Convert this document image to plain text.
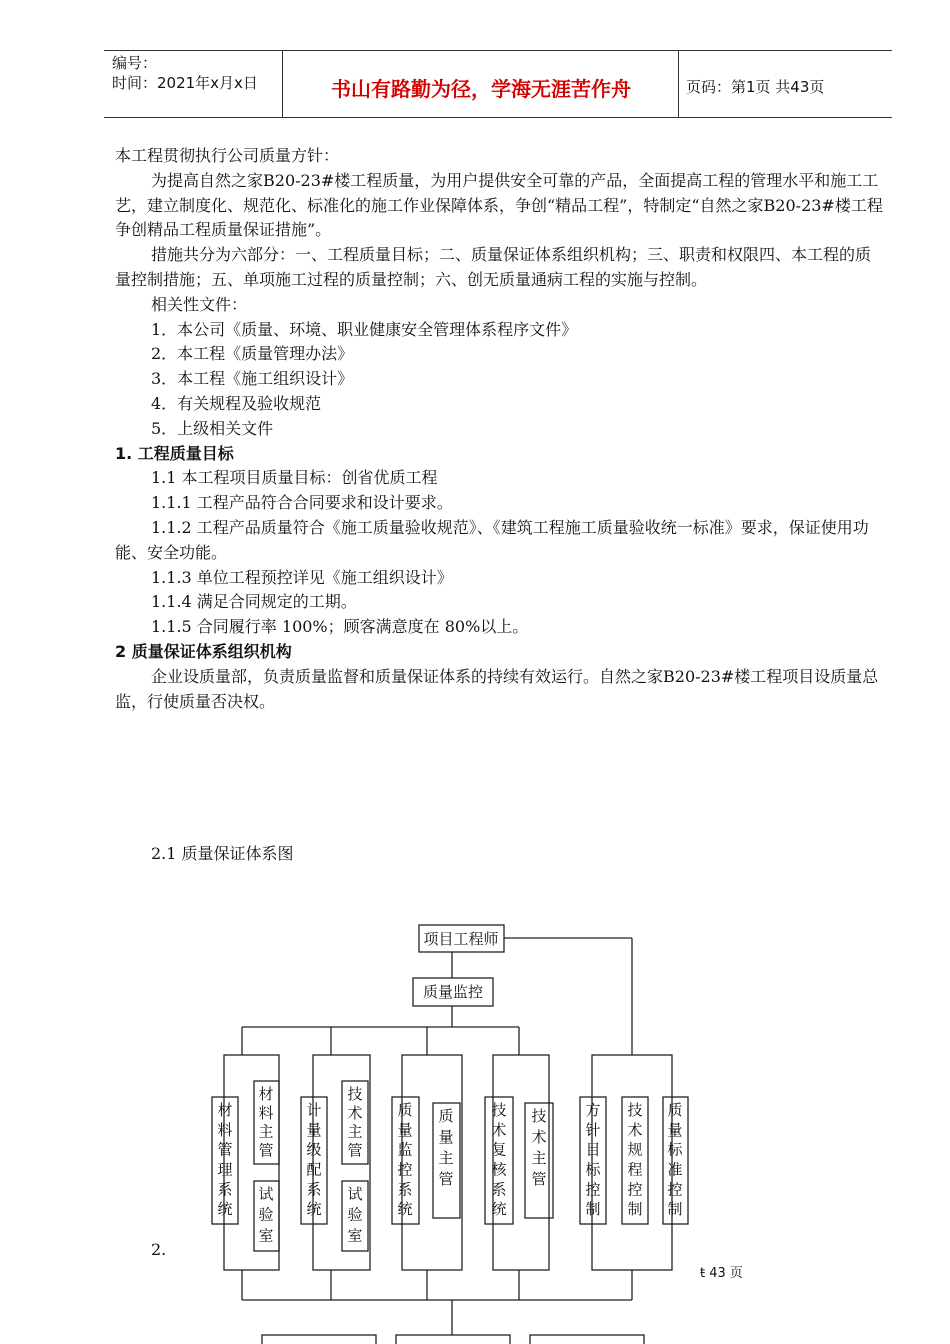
编号：
时间：2021年x月x日	书山有路勤为径，学海无涯苦作舟	页码：第1页 共43页

本工程贯彻执行公司质量方针：

为提高自然之家B20-23#楼工程质量，为用户提供安全可靠的产品，全面提高工程的管理水平和施工工艺，建立制度化、规范化、标准化的施工作业保障体系，争创“精品工程”，特制定“自然之家B20-23#楼工程争创精品工程质量保证措施”。

措施共分为六部分：一、工程质量目标；二、质量保证体系组织机构；三、职责和权限四、本工程的质量控制措施；五、单项施工过程的质量控制；六、创无质量通病工程的实施与控制。

相关性文件：

1．本公司《质量、环境、职业健康安全管理体系程序文件》

2．本工程《质量管理办法》

3．本工程《施工组织设计》

4．有关规程及验收规范

5．上级相关文件

1. 工程质量目标

1.1 本工程项目质量目标：创省优质工程

1.1.1 工程产品符合合同要求和设计要求。

1.1.2 工程产品质量符合《施工质量验收规范》、《建筑工程施工质量验收统一标准》要求，保证使用功能、安全功能。

1.1.3 单位工程预控详见《施工组织设计》

1.1.4 满足合同规定的工期。

1.1.5 合同履行率 100%；顾客满意度在 80%以上。

2 质量保证体系组织机构

企业设质量部，负责质量监督和质量保证体系的持续有效运行。自然之家B20-23#楼工程项目设质量总监，行使质量否决权。

2.1 质量保证体系图
项目工程师
质量监控
材料管理系统
材料主管
试验室
计量级配系统
技术主管
试验室
质量监控系统
质量主管
技术复核系统
技术主管
方针目标控制
技术规程控制
质量标准控制
2.
ŧ 43 页
